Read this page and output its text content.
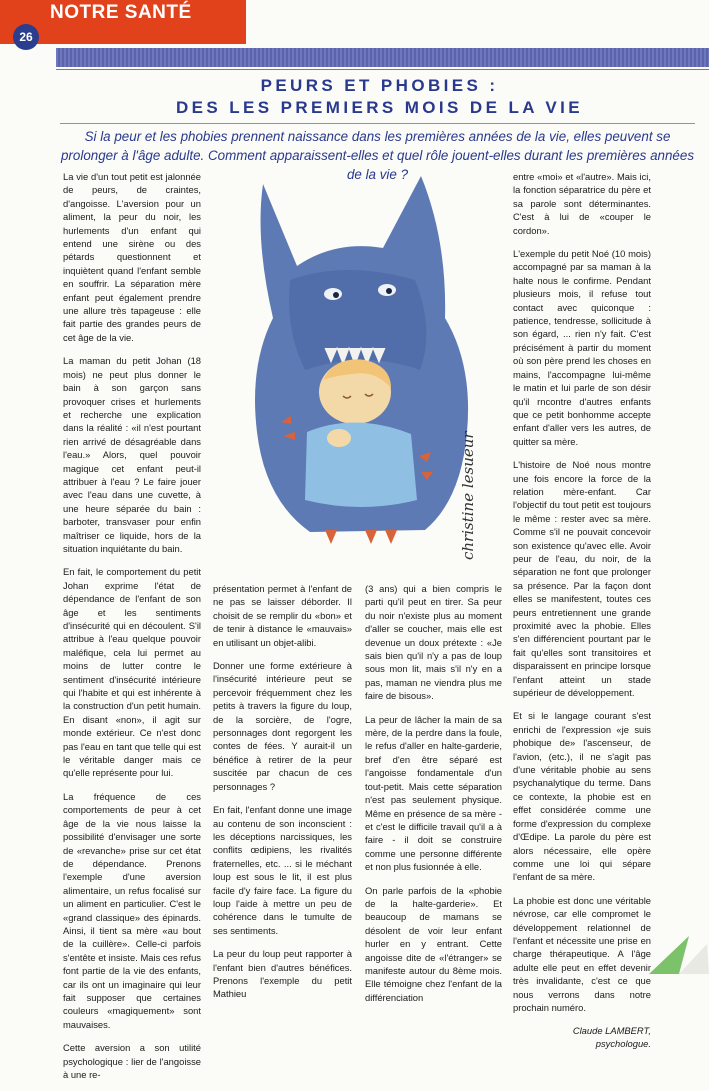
NOTRE SANTÉ
26
PEURS ET PHOBIES :
DES LES PREMIERS MOIS DE LA VIE
Si la peur et les phobies prennent naissance dans les premières années de la vie, elles peuvent se prolonger à l'âge adulte. Comment apparaissent-elles et quel rôle jouent-elles durant les premières années de la vie ?

La vie d'un tout petit est jalonnée de peurs, de craintes, d'angoisse. L'aversion pour un aliment, la peur du noir, les hurlements d'un enfant qui entend une sirène ou des pétards questionnent et inquiètent quand l'enfant semble en souffrir. La séparation mère enfant peut également prendre une allure très tapageuse : elle fait partie des grandes peurs de cet âge de la vie.

La maman du petit Johan (18 mois) ne peut plus donner le bain à son garçon sans provoquer crises et hurlements et recherche une explication dans la réalité : «il n'est pourtant rien arrivé de désagréable dans l'eau.» Alors, quel pouvoir magique cet enfant peut-il attribuer à l'eau ? Le faire jouer avec l'eau dans une cuvette, à une heure séparée du bain : barboter, transvaser pour enfin maîtriser ce liquide, hors de la situation inquiétante du bain.

En fait, le comportement du petit Johan exprime l'état de dépendance de l'enfant de son âge et les sentiments d'insécurité qui en découlent. S'il attribue à l'eau quelque pouvoir maléfique, cela lui permet au moins de lutter contre le sentiment d'insécurité intérieure qui l'habite et qui est inhérente à la construction d'un petit humain. En disant «non», il agit sur monde extérieur. Ce n'est donc pas l'eau en tant que telle qui est le véritable danger mais ce qu'elle représente pour lui.

La fréquence de ces comportements de peur à cet âge de la vie nous laisse la possibilité d'envisager une sorte de «revanche» prise sur cet état de dépendance. Prenons l'exemple d'une aversion alimentaire, un refus focalisé sur un aliment en particulier. C'est le «grand classique» des épinards. Ainsi, il tient sa mère «au bout de la cuillère». Celle-ci parfois s'entête et insiste. Mais ces refus font partie de la vie des enfants, car ils ont un imaginaire qui leur fait supposer que certaines couleurs «magiquement» sont mauvaises.

Cette aversion a son utilité psychologique : lier de l'angoisse à une re-

christine lesueur

présentation permet à l'enfant de ne pas se laisser déborder. Il choisit de se remplir du «bon» et de tenir à distance le «mauvais» en utilisant un objet-alibi.

Donner une forme extérieure à l'insécurité intérieure peut se percevoir fréquemment chez les petits à travers la figure du loup, de la sorcière, de l'ogre, personnages dont regorgent les contes de fées. Y aurait-il un bénéfice à retirer de la peur suscitée par chacun de ces personnages ?

En fait, l'enfant donne une image au contenu de son inconscient : les déceptions narcissiques, les conflits œdipiens, les rivalités fraternelles, etc. ... si le méchant loup est sous le lit, il est plus facile d'y faire face. La figure du loup l'aide à mettre un peu de cohérence dans le tumulte de ses sentiments.

La peur du loup peut rapporter à l'enfant bien d'autres bénéfices. Prenons l'exemple du petit Mathieu

(3 ans) qui a bien compris le parti qu'il peut en tirer. Sa peur du noir n'existe plus au moment d'aller se coucher, mais elle est devenue un doux prétexte : «Je sais bien qu'il n'y a pas de loup sous mon lit, mais s'il n'y en a pas, maman ne viendra plus me faire de bisous».

La peur de lâcher la main de sa mère, de la perdre dans la foule, le refus d'aller en halte-garderie, bref d'en être séparé est l'angoisse fondamentale d'un tout-petit. Mais cette séparation n'est pas seulement physique. Même en présence de sa mère - et c'est le difficile travail qu'il a à faire - il doit se construire comme une personne différente et non plus fusionnée à elle.

On parle parfois de la «phobie de la halte-garderie». Et beaucoup de mamans se désolent de voir leur enfant hurler en y entrant. Cette angoisse dite de «l'étranger» se manifeste autour du 8ème mois. Elle témoigne chez l'enfant de la différenciation

entre «moi» et «l'autre». Mais ici, la fonction séparatrice du père et sa parole sont déterminantes. C'est à lui de «couper le cordon».

L'exemple du petit Noé (10 mois) accompagné par sa maman à la halte nous le confirme. Pendant plusieurs mois, il refuse tout contact avec quiconque : patience, tendresse, sollicitude à son égard, ... rien n'y fait. C'est précisément à partir du moment où son père prend les choses en mains, l'accompagne lui-même le matin et lui parle de son désir qu'il rncontre d'autres enfants que ce petit bonhomme accepte enfant d'aller vers les autres, de quitter sa mère.

L'histoire de Noé nous montre une fois encore la force de la relation mère-enfant. Car l'objectif du tout petit est toujours le même : rester avec sa mère. Comme s'il ne pouvait concevoir son existence qu'avec elle. Avoir peur de l'eau, du noir, de la séparation ne font que prolonger sa présence. Par la façon dont elles se manifestent, toutes ces peurs entretiennent une grande proximité avec la phobie. Elles s'en différencient pourtant par le fait qu'elles sont transitoires et disparaissent en principe lorsque l'enfant atteint un stade supérieur de développement.

Et si le langage courant s'est enrichi de l'expression «je suis phobique de» l'ascenseur, de l'avion, (etc.), il ne s'agit pas d'une véritable phobie au sens psychanalytique du terme. Dans ce contexte, la phobie est en effet considérée comme une forme d'expression du complexe d'Œdipe. La parole du père est alors nécessaire, elle opère comme une loi qui sépare l'enfant de sa mère.

La phobie est donc une véritable névrose, car elle compromet le développement relationnel de l'enfant et nécessite une prise en charge thérapeutique. A l'âge adulte elle peut en effet devenir très invalidante, c'est ce que nous verrons dans notre prochain numéro.

Claude LAMBERT,
psychologue.
